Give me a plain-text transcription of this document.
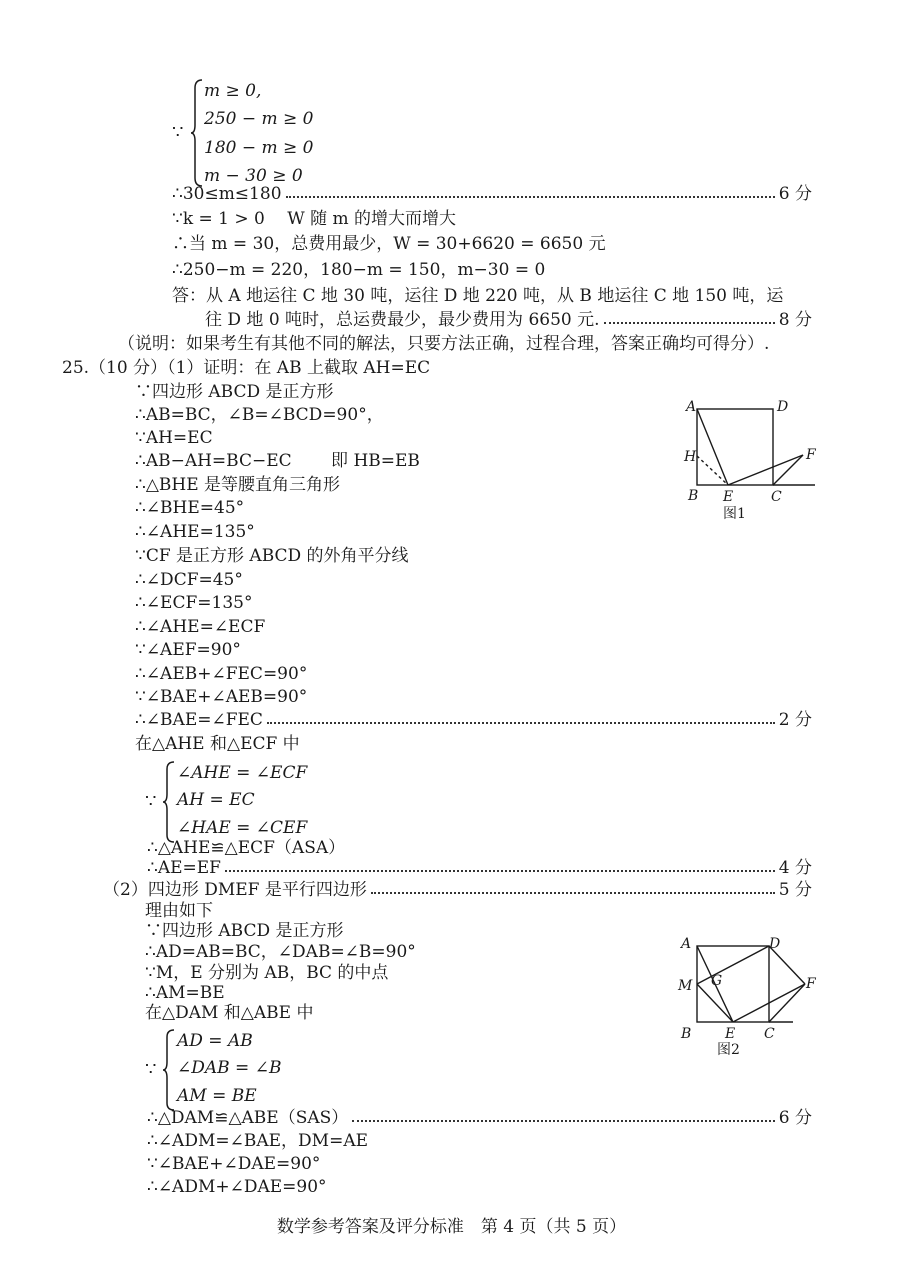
∵
m ≥ 0,
250 − m ≥ 0
180 − m ≥ 0
m − 30 ≥ 0
∴30≤m≤180	6 分
∵k = 1 > 0　 W 随 m 的增大而增大
∴当 m = 30，总费用最少，W = 30+6620 = 6650 元
∴250−m = 220，180−m = 150，m−30 = 0
答：从 A 地运往 C 地 30 吨，运往 D 地 220 吨，从 B 地运往 C 地 150 吨，运
往 D 地 0 吨时，总运费最少，最少费用为 6650 元.	8 分
（说明：如果考生有其他不同的解法，只要方法正确，过程合理，答案正确均可得分）.
25.（10 分）（1）证明：在 AB 上截取 AH=EC
∵四边形 ABCD 是正方形
∴AB=BC，∠B=∠BCD=90°，
∵AH=EC
∴AB−AH=BC−EC　　 即 HB=EB
∴△BHE 是等腰直角三角形
∴∠BHE=45°
∴∠AHE=135°
∵CF 是正方形 ABCD 的外角平分线
∴∠DCF=45°
∴∠ECF=135°
∴∠AHE=∠ECF
∵∠AEF=90°
∴∠AEB+∠FEC=90°
∵∠BAE+∠AEB=90°
∴∠BAE=∠FEC	2 分
在△AHE 和△ECF 中
∵
∠AHE = ∠ECF
AH = EC
∠HAE = ∠CEF
∴△AHE≌△ECF（ASA）
∴AE=EF	4 分
（2）四边形 DMEF 是平行四边形	5 分
理由如下
∵四边形 ABCD 是正方形
∴AD=AB=BC，∠DAB=∠B=90°
∵M，E 分别为 AB，BC 的中点
∴AM=BE
在△DAM 和△ABE 中
∵
AD = AB
∠DAB = ∠B
AM = BE
∴△DAM≌△ABE（SAS）	6 分
∴∠ADM=∠BAE，DM=AE
∵∠BAE+∠DAE=90°
∴∠ADM+∠DAE=90°
A	D
H	F
B E	C
图1
A	D
M G	F
B E C
图2
数学参考答案及评分标准　第 4 页（共 5 页）
